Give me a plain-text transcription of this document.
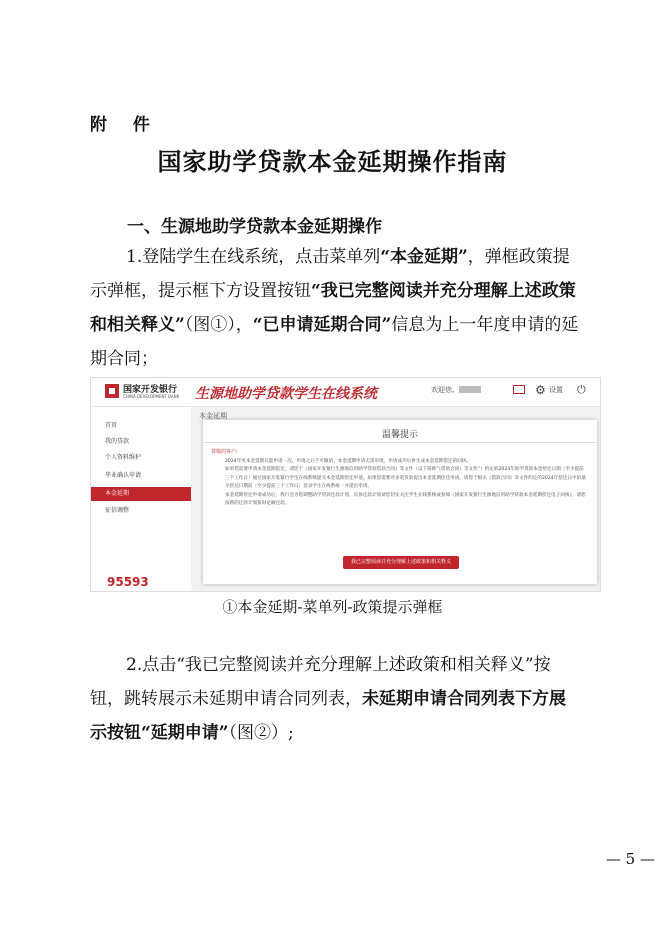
附 件
国家助学贷款本金延期操作指南
一、生源地助学贷款本金延期操作
1.登陆学生在线系统，点击菜单列“本金延期”，弹框政策提示弹框，提示框下方设置按钮“我已完整阅读并充分理解上述政策和相关释义”（图①），“已申请延期合同”信息为上一年度申请的延期合同；
国家开发银行
CHINA DEVELOPMENT BANK 生源地助学贷款学生在线系统	欢迎您,	⚙ 设置 ⏻
首页
我的贷款
个人资料维护
毕业确认申请
本金延期
征信调整
95593
本金延期
温馨提示
尊敬的客户:
2024年度本金延期仅能申请一次，申请之后不可撤销。本金延期申请无需审批，申请成功后将生成本金延期借还的回执。
如果您需要申请本金延期借还，请您于《国家开发银行生源地信用助学贷款借款合同》等文件（以下简称“《借款合同》等文件”）约定的2024年助学贷款本金偿还日期（至少提前三个工作日）通过国家开发银行学生在线系统提交本金延期偿还申请。如果您需要对多笔贷款提出本金延期偿还申请，请您于相关《借款合同》等文件约定的2024年偿还日中的最早偿还日期前（至少提前三个工作日）登录学生在线系统一并提出申请。
本金延期偿还申请成功后，我行会为您调整助学贷款还款计划，具体还款计划请您切实关注学生在线系统或参阅《国家开发银行生源地信用助学贷款本金延期偿还电子回执》，请您按新的还款计划按时足额还款。
我已完整阅读并充分理解上述政策和相关释义
①本金延期-菜单列-政策提示弹框
2.点击“我已完整阅读并充分理解上述政策和相关释义”按钮，跳转展示未延期申请合同列表，未延期申请合同列表下方展示按钮“延期申请”（图②）;
— 5 —
